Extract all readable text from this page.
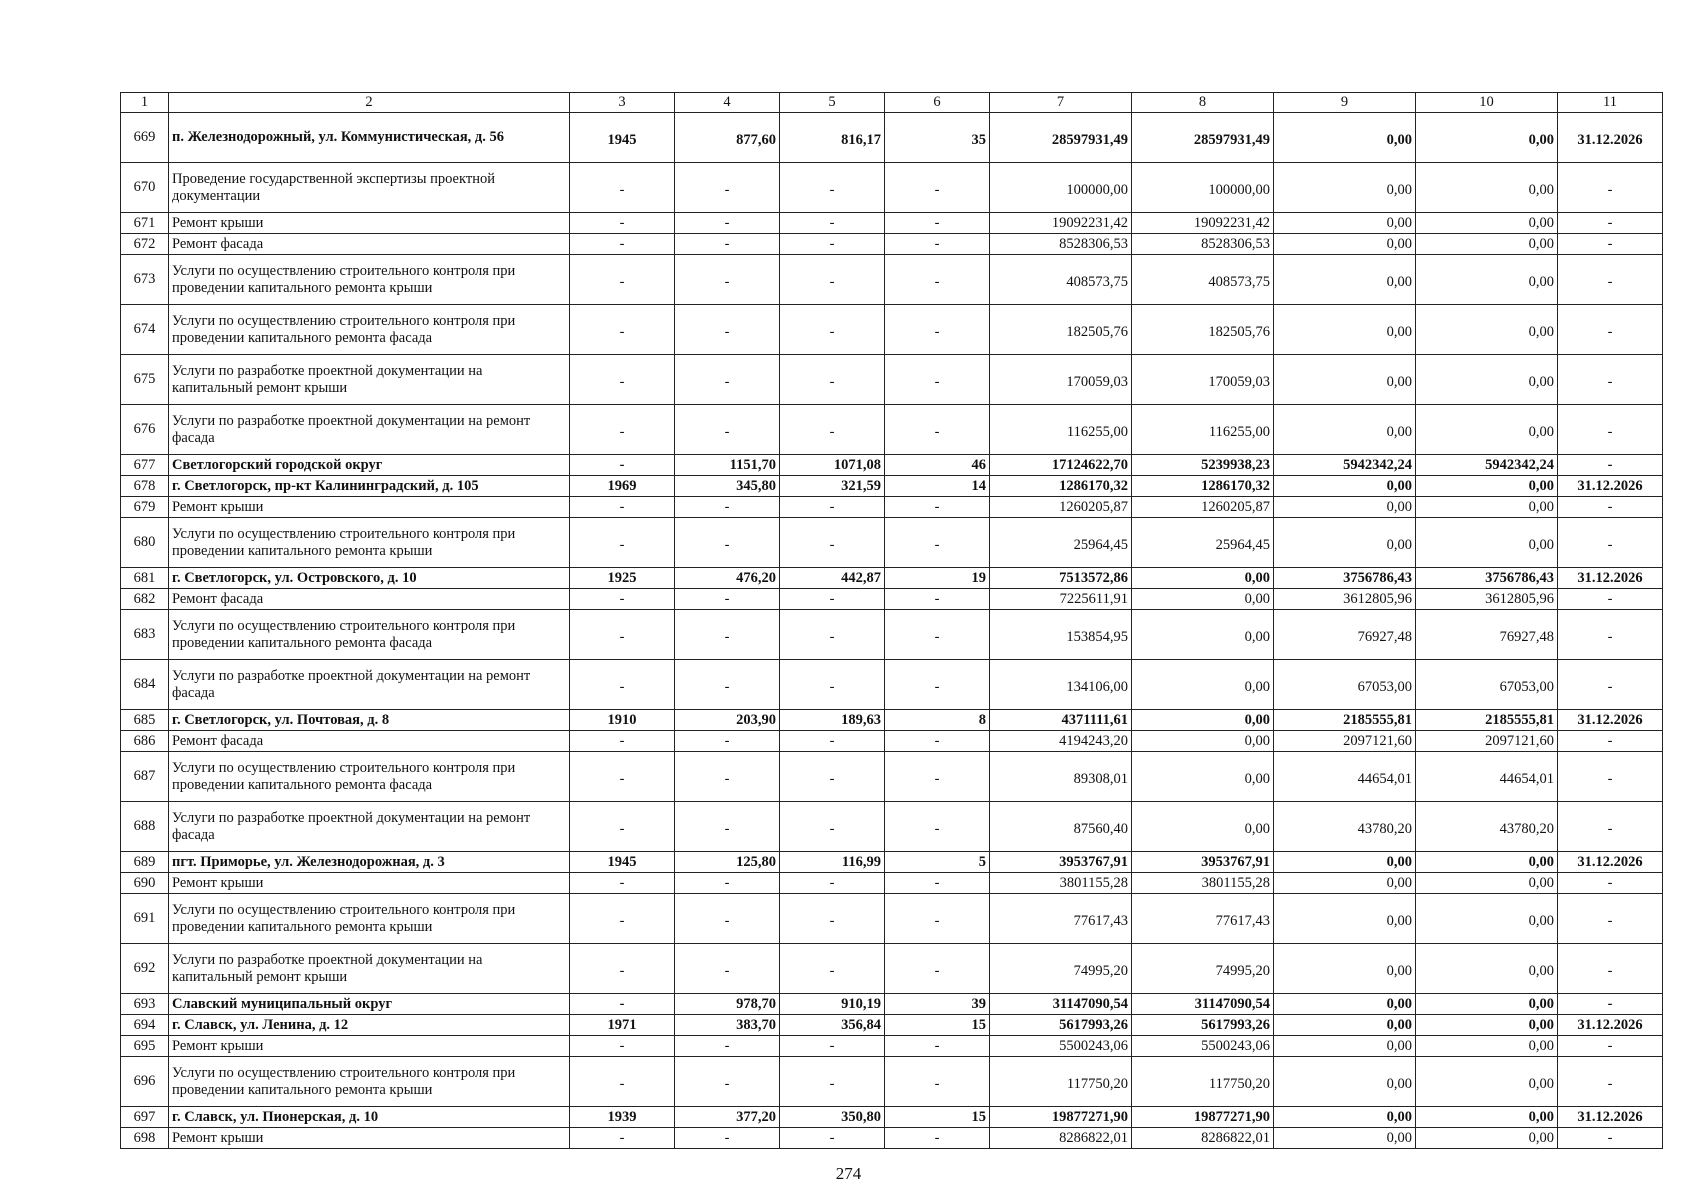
1	2	3	4	5	6	7	8	9	10	11
669	п. Железнодорожный, ул. Коммунистическая, д. 56	1945	877,60	816,17	35	28597931,49	28597931,49	0,00	0,00	31.12.2026
670	Проведение государственной экспертизы проектной документации	-	-	-	-	100000,00	100000,00	0,00	0,00	-
671	Ремонт крыши	-	-	-	-	19092231,42	19092231,42	0,00	0,00	-
672	Ремонт фасада	-	-	-	-	8528306,53	8528306,53	0,00	0,00	-
673	Услуги по осуществлению строительного контроля при проведении капитального ремонта крыши	-	-	-	-	408573,75	408573,75	0,00	0,00	-
674	Услуги по осуществлению строительного контроля при проведении капитального ремонта фасада	-	-	-	-	182505,76	182505,76	0,00	0,00	-
675	Услуги по разработке проектной документации на капитальный ремонт крыши	-	-	-	-	170059,03	170059,03	0,00	0,00	-
676	Услуги по разработке проектной документации на ремонт фасада	-	-	-	-	116255,00	116255,00	0,00	0,00	-
677	Светлогорский городской округ	-	1151,70	1071,08	46	17124622,70	5239938,23	5942342,24	5942342,24	-
678	г. Светлогорск, пр-кт Калининградский, д. 105	1969	345,80	321,59	14	1286170,32	1286170,32	0,00	0,00	31.12.2026
679	Ремонт крыши	-	-	-	-	1260205,87	1260205,87	0,00	0,00	-
680	Услуги по осуществлению строительного контроля при проведении капитального ремонта крыши	-	-	-	-	25964,45	25964,45	0,00	0,00	-
681	г. Светлогорск, ул. Островского, д. 10	1925	476,20	442,87	19	7513572,86	0,00	3756786,43	3756786,43	31.12.2026
682	Ремонт фасада	-	-	-	-	7225611,91	0,00	3612805,96	3612805,96	-
683	Услуги по осуществлению строительного контроля при проведении капитального ремонта фасада	-	-	-	-	153854,95	0,00	76927,48	76927,48	-
684	Услуги по разработке проектной документации на ремонт фасада	-	-	-	-	134106,00	0,00	67053,00	67053,00	-
685	г. Светлогорск, ул. Почтовая, д. 8	1910	203,90	189,63	8	4371111,61	0,00	2185555,81	2185555,81	31.12.2026
686	Ремонт фасада	-	-	-	-	4194243,20	0,00	2097121,60	2097121,60	-
687	Услуги по осуществлению строительного контроля при проведении капитального ремонта фасада	-	-	-	-	89308,01	0,00	44654,01	44654,01	-
688	Услуги по разработке проектной документации на ремонт фасада	-	-	-	-	87560,40	0,00	43780,20	43780,20	-
689	пгт. Приморье, ул. Железнодорожная, д. 3	1945	125,80	116,99	5	3953767,91	3953767,91	0,00	0,00	31.12.2026
690	Ремонт крыши	-	-	-	-	3801155,28	3801155,28	0,00	0,00	-
691	Услуги по осуществлению строительного контроля при проведении капитального ремонта крыши	-	-	-	-	77617,43	77617,43	0,00	0,00	-
692	Услуги по разработке проектной документации на капитальный ремонт крыши	-	-	-	-	74995,20	74995,20	0,00	0,00	-
693	Славский муниципальный округ	-	978,70	910,19	39	31147090,54	31147090,54	0,00	0,00	-
694	г. Славск, ул. Ленина, д. 12	1971	383,70	356,84	15	5617993,26	5617993,26	0,00	0,00	31.12.2026
695	Ремонт крыши	-	-	-	-	5500243,06	5500243,06	0,00	0,00	-
696	Услуги по осуществлению строительного контроля при проведении капитального ремонта крыши	-	-	-	-	117750,20	117750,20	0,00	0,00	-
697	г. Славск, ул. Пионерская, д. 10	1939	377,20	350,80	15	19877271,90	19877271,90	0,00	0,00	31.12.2026
698	Ремонт крыши	-	-	-	-	8286822,01	8286822,01	0,00	0,00	-
274
